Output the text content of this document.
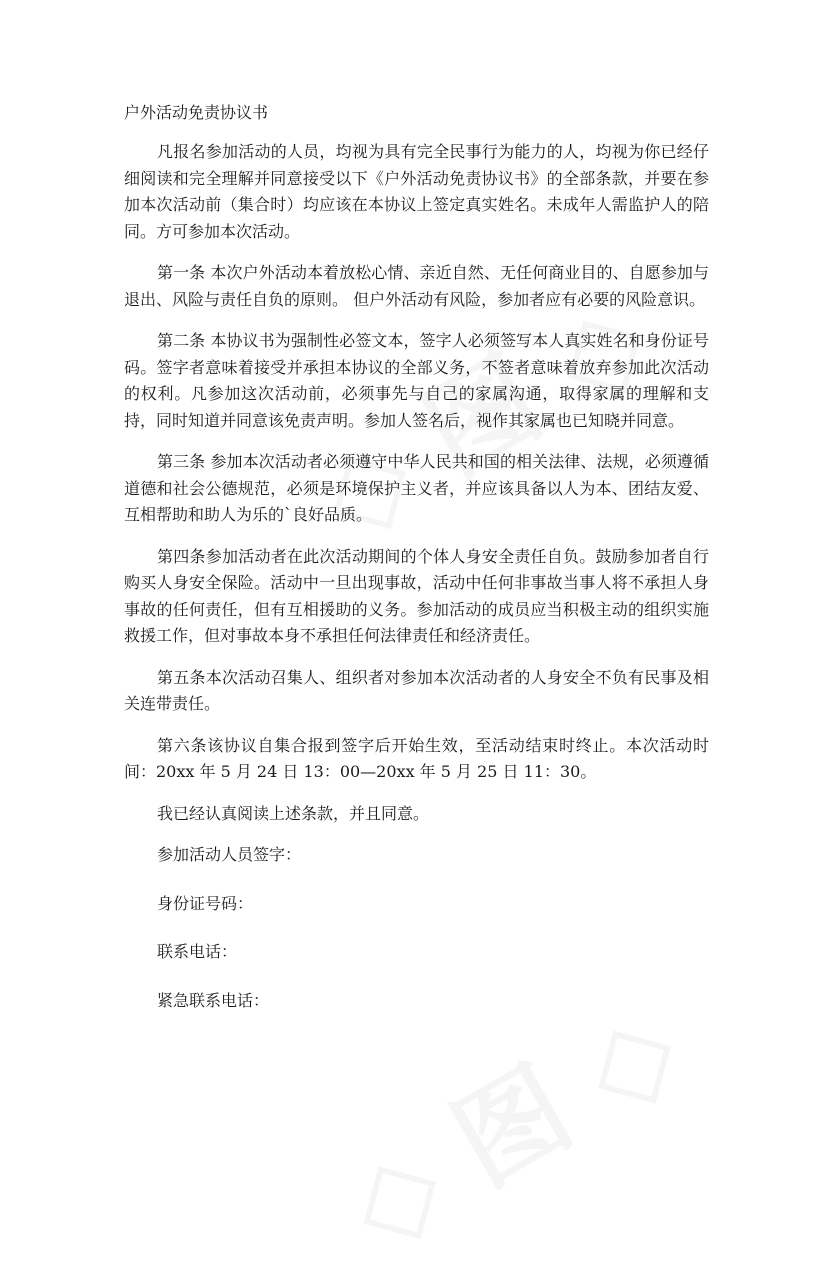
户外活动免责协议书

凡报名参加活动的人员，均视为具有完全民事行为能力的人，均视为你已经仔细阅读和完全理解并同意接受以下《户外活动免责协议书》的全部条款，并要在参加本次活动前（集合时）均应该在本协议上签定真实姓名。未成年人需监护人的陪同。方可参加本次活动。

第一条 本次户外活动本着放松心情、亲近自然、无任何商业目的、自愿参加与退出、风险与责任自负的原则。 但户外活动有风险，参加者应有必要的风险意识。

第二条 本协议书为强制性必签文本，签字人必须签写本人真实姓名和身份证号码。签字者意味着接受并承担本协议的全部义务，不签者意味着放弃参加此次活动的权利。凡参加这次活动前，必须事先与自己的家属沟通，取得家属的理解和支持，同时知道并同意该免责声明。参加人签名后，视作其家属也已知晓并同意。

第三条 参加本次活动者必须遵守中华人民共和国的相关法律、法规，必须遵循道德和社会公德规范，必须是环境保护主义者，并应该具备以人为本、团结友爱、互相帮助和助人为乐的`良好品质。

第四条参加活动者在此次活动期间的个体人身安全责任自负。鼓励参加者自行购买人身安全保险。活动中一旦出现事故，活动中任何非事故当事人将不承担人身事故的任何责任，但有互相援助的义务。参加活动的成员应当积极主动的组织实施救援工作，但对事故本身不承担任何法律责任和经济责任。

第五条本次活动召集人、组织者对参加本次活动者的人身安全不负有民事及相关连带责任。

第六条该协议自集合报到签字后开始生效，至活动结束时终止。本次活动时间：20xx 年 5 月 24 日 13：00—20xx 年 5 月 25 日 11：30。

我已经认真阅读上述条款，并且同意。

参加活动人员签字：

身份证号码：

联系电话：

紧急联系电话：
